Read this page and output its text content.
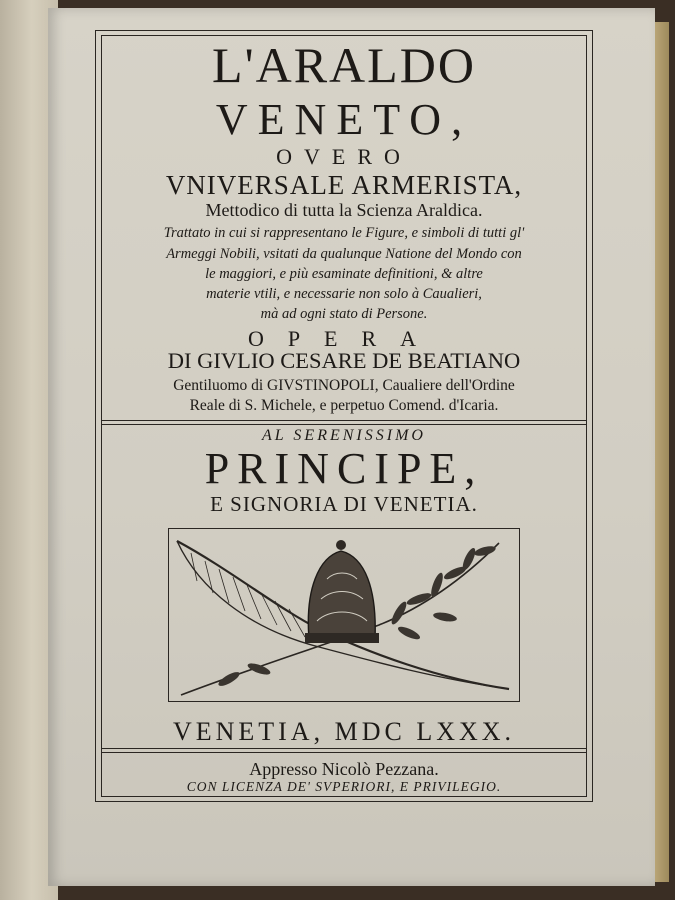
L'ARALDO
VENETO,
OVERO
VNIVERSALE ARMERISTA,
Mettodico di tutta la Scienza Araldica.
Trattato in cui si rappresentano le Figure, e simboli di tutti gl'
Armeggi Nobili, vsitati da qualunque Natione del Mondo con
le maggiori, e più esaminate definitioni, & altre
materie vtili, e necessarie non solo à Caualieri,
mà ad ogni stato di Persone.
OPERA
DI GIVLIO CESARE DE BEATIANO
Gentiluomo di GIVSTINOPOLI, Caualiere dell'Ordine
Reale di S. Michele, e perpetuo Comend. d'Icaria.
AL SERENISSIMO
PRINCIPE,
E SIGNORIA DI VENETIA.
VENETIA, MDC LXXX.
Appresso Nicolò Pezzana.
CON LICENZA DE' SVPERIORI, E PRIVILEGIO.
